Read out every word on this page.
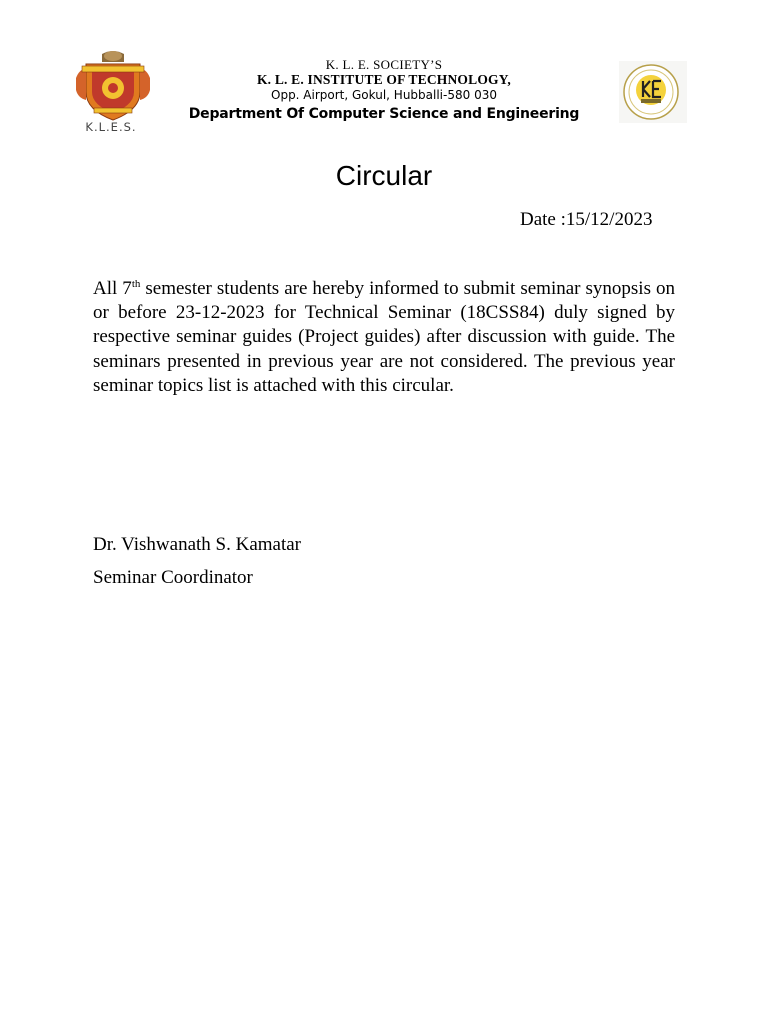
K.L.E.S.
K. L. E. SOCIETY’S
K. L. E. INSTITUTE OF TECHNOLOGY,
Opp. Airport, Gokul, Hubballi-580 030
Department Of Computer Science and Engineering
Circular
Date :15/12/2023
All 7th semester students are hereby informed to submit seminar synopsis on or before 23-12-2023 for Technical Seminar (18CSS84) duly signed by respective seminar guides (Project guides) after discussion with guide. The seminars presented in previous year are not considered. The previous year seminar topics list is attached with this circular.
Dr. Vishwanath S. Kamatar
Seminar Coordinator
